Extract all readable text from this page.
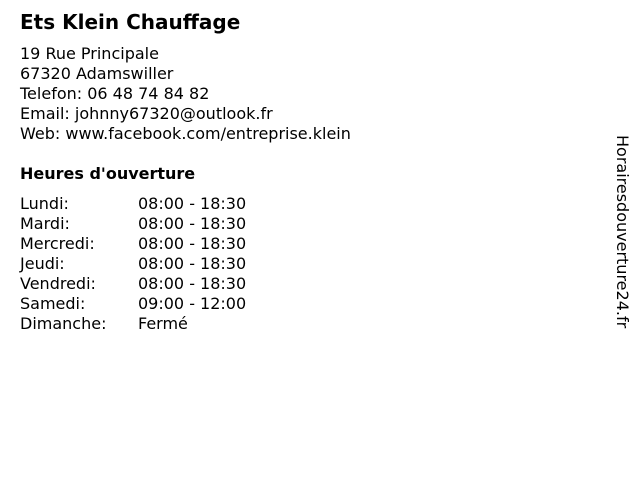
Ets Klein Chauffage
19 Rue Principale
67320 Adamswiller
Telefon: 06 48 74 84 82
Email: johnny67320@outlook.fr
Web: www.facebook.com/entreprise.klein
Heures d'ouverture
Lundi:	08:00 - 18:30
Mardi:	08:00 - 18:30
Mercredi:	08:00 - 18:30
Jeudi:	08:00 - 18:30
Vendredi:	08:00 - 18:30
Samedi:	09:00 - 12:00
Dimanche:	Fermé	Horairesdouverture24.fr
